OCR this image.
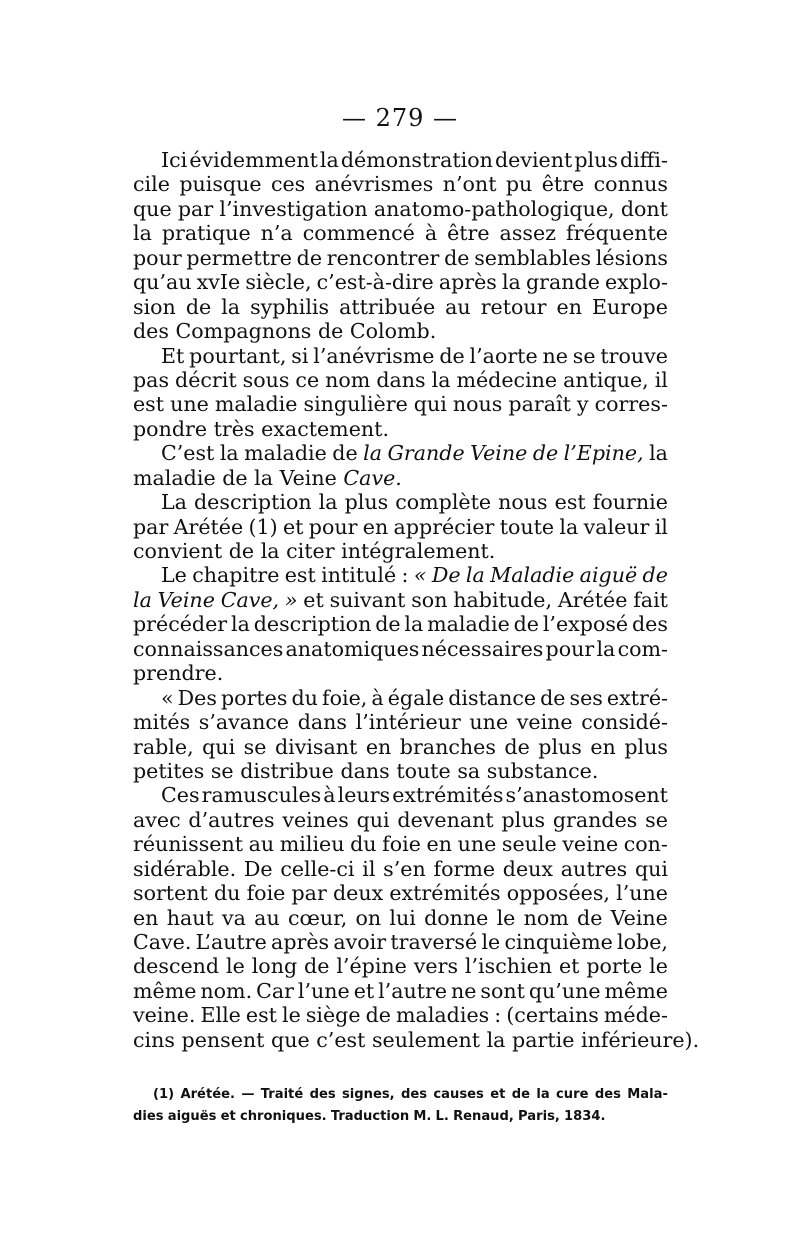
— 279 —
Ici évidemment la démonstration devient plus diffi-
cile puisque ces anévrismes n’ont pu être connus
que par l’investigation anatomo-pathologique, dont
la pratique n’a commencé à être assez fréquente
pour permettre de rencontrer de semblables lésions
qu’au xvIe siècle, c’est-à-dire après la grande explo-
sion de la syphilis attribuée au retour en Europe
des Compagnons de Colomb.
Et pourtant, si l’anévrisme de l’aorte ne se trouve
pas décrit sous ce nom dans la médecine antique, il
est une maladie singulière qui nous paraît y corres-
pondre très exactement.
C’est la maladie de la Grande Veine de l’Epine, la
maladie de la Veine Cave.
La description la plus complète nous est fournie
par Arétée (1) et pour en apprécier toute la valeur il
convient de la citer intégralement.
Le chapitre est intitulé : « De la Maladie aiguë de
la Veine Cave, » et suivant son habitude, Arétée fait
précéder la description de la maladie de l’exposé des
connaissances anatomiques nécessaires pour la com-
prendre.
« Des portes du foie, à égale distance de ses extré-
mités s’avance dans l’intérieur une veine considé-
rable, qui se divisant en branches de plus en plus
petites se distribue dans toute sa substance.
Ces ramuscules à leurs extrémités s’anastomosent
avec d’autres veines qui devenant plus grandes se
réunissent au milieu du foie en une seule veine con-
sidérable. De celle-ci il s’en forme deux autres qui
sortent du foie par deux extrémités opposées, l’une
en haut va au cœur, on lui donne le nom de Veine
Cave. L’autre après avoir traversé le cinquième lobe,
descend le long de l’épine vers l’ischien et porte le
même nom. Car l’une et l’autre ne sont qu’une même
veine. Elle est le siège de maladies : (certains méde-
cins pensent que c’est seulement la partie inférieure).
(1) Arétée. — Traité des signes, des causes et de la cure des Mala-
dies aiguës et chroniques. Traduction M. L. Renaud, Paris, 1834.
